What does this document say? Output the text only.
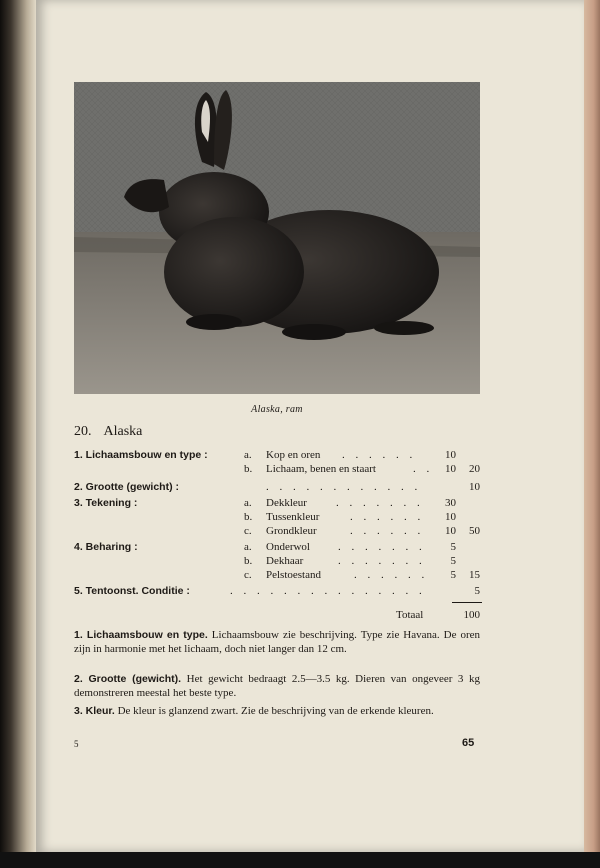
Alaska, ram
20. Alaska
1. Lichaamsbouw en type :	a. Kop en oren . . . . . .	10
b. Lichaam, benen en staart	. .	10	20
2. Grootte (gewicht) :	. . . . . . . . . . . .	10
3. Tekening :	a. Dekkleur	. . . . . . .	30
b. Tussenkleur	. . . . . .	10
c. Grondkleur	. . . . . .	10	50
4. Beharing :	a. Onderwol	. . . . . . .	5
b. Dekhaar	. . . . . . .	5
c. Pelstoestand	. . . . . .	5	15
5. Tentoonst. Conditie :	. . . . . . . . . . . . . . .	5
Totaal	100
1. Lichaamsbouw en type. Lichaamsbouw zie beschrijving. Type zie Havana. De oren zijn in harmonie met het lichaam, doch niet langer dan 12 cm.
2. Grootte (gewicht). Het gewicht bedraagt 2.5—3.5 kg. Dieren van ongeveer 3 kg demonstreren meestal het beste type.
3. Kleur. De kleur is glanzend zwart. Zie de beschrijving van de erkende kleuren.
5	65
